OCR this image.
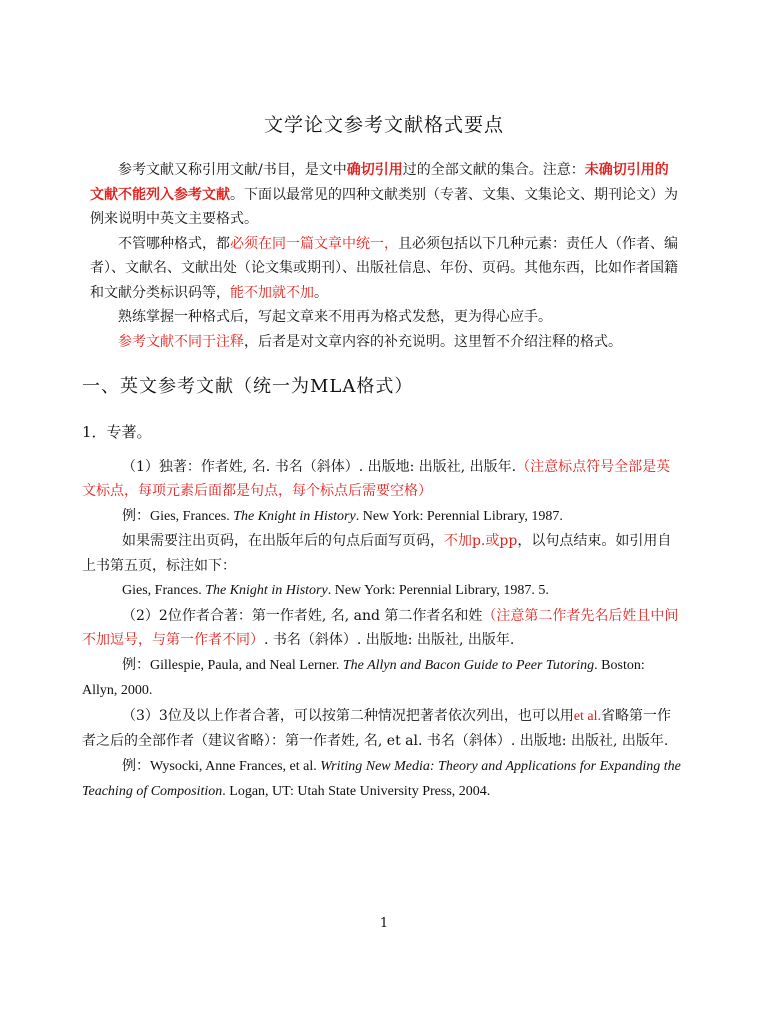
文学论文参考文献格式要点

参考文献又称引用文献/书目，是文中确切引用过的全部文献的集合。注意：未确切引用的文献不能列入参考文献。下面以最常见的四种文献类别（专著、文集、文集论文、期刊论文）为例来说明中英文主要格式。

不管哪种格式，都必须在同一篇文章中统一，且必须包括以下几种元素：责任人（作者、编者）、文献名、文献出处（论文集或期刊）、出版社信息、年份、页码。其他东西，比如作者国籍和文献分类标识码等，能不加就不加。

熟练掌握一种格式后，写起文章来不用再为格式发愁，更为得心应手。

参考文献不同于注释，后者是对文章内容的补充说明。这里暂不介绍注释的格式。

一、英文参考文献（统一为MLA格式）

1．专著。

（1）独著：作者姓, 名. 书名（斜体）. 出版地: 出版社, 出版年.（注意标点符号全部是英文标点，每项元素后面都是句点，每个标点后需要空格）

例：Gies, Frances. The Knight in History. New York: Perennial Library, 1987.

如果需要注出页码，在出版年后的句点后面写页码，不加p.或pp，以句点结束。如引用自上书第五页，标注如下：

Gies, Frances. The Knight in History. New York: Perennial Library, 1987. 5.

（2）2位作者合著：第一作者姓, 名, and 第二作者名和姓（注意第二作者先名后姓且中间不加逗号，与第一作者不同）. 书名（斜体）. 出版地: 出版社, 出版年.

例：Gillespie, Paula, and Neal Lerner. The Allyn and Bacon Guide to Peer Tutoring. Boston: Allyn, 2000.

（3）3位及以上作者合著，可以按第二种情况把著者依次列出，也可以用et al.省略第一作者之后的全部作者（建议省略）：第一作者姓, 名, et al. 书名（斜体）. 出版地: 出版社, 出版年.

例：Wysocki, Anne Frances, et al. Writing New Media: Theory and Applications for Expanding the Teaching of Composition. Logan, UT: Utah State University Press, 2004.

1
